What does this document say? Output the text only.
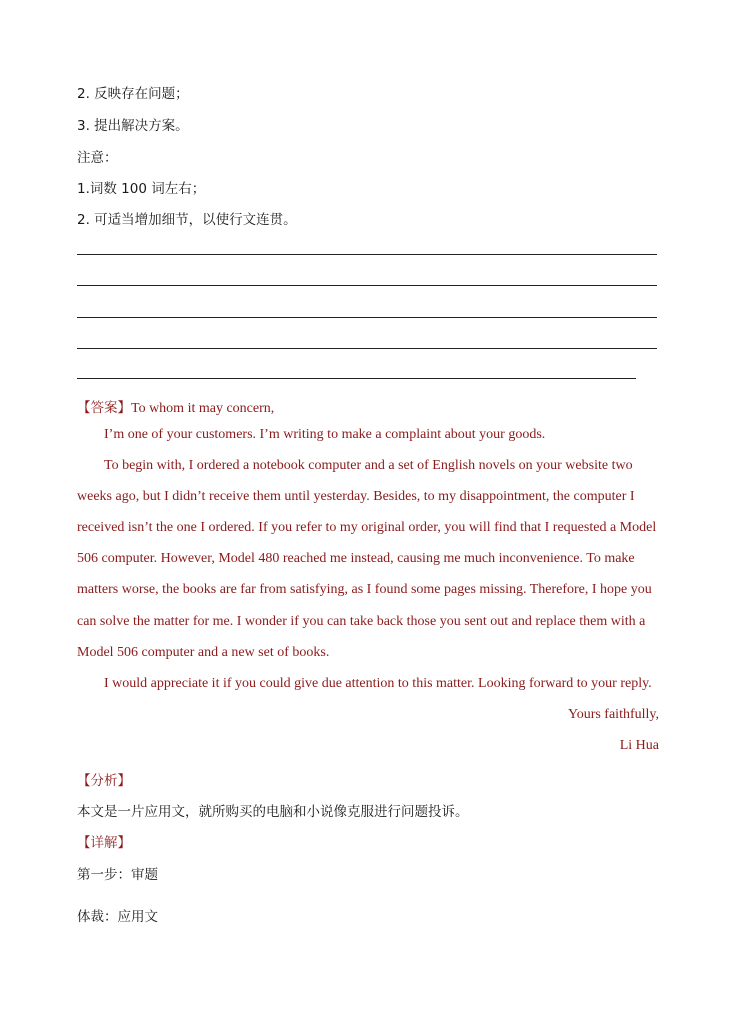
2. 反映存在问题；
3. 提出解决方案。
注意：
1.词数 100 词左右；
2. 可适当增加细节，以使行文连贯。
【答案】To whom it may concern,
I’m one of your customers. I’m writing to make a complaint about your goods.
To begin with, I ordered a notebook computer and a set of English novels on your website two
weeks ago, but I didn’t receive them until yesterday. Besides, to my disappointment, the computer I
received isn’t the one I ordered. If you refer to my original order, you will find that I requested a Model
506 computer. However, Model 480 reached me instead, causing me much inconvenience. To make
matters worse, the books are far from satisfying, as I found some pages missing. Therefore, I hope you
can solve the matter for me. I wonder if you can take back those you sent out and replace them with a
Model 506 computer and a new set of books.
I would appreciate it if you could give due attention to this matter. Looking forward to your reply.
Yours faithfully,
Li Hua
【分析】
本文是一片应用文，就所购买的电脑和小说像克服进行问题投诉。
【详解】
第一步：审题
体裁：应用文
